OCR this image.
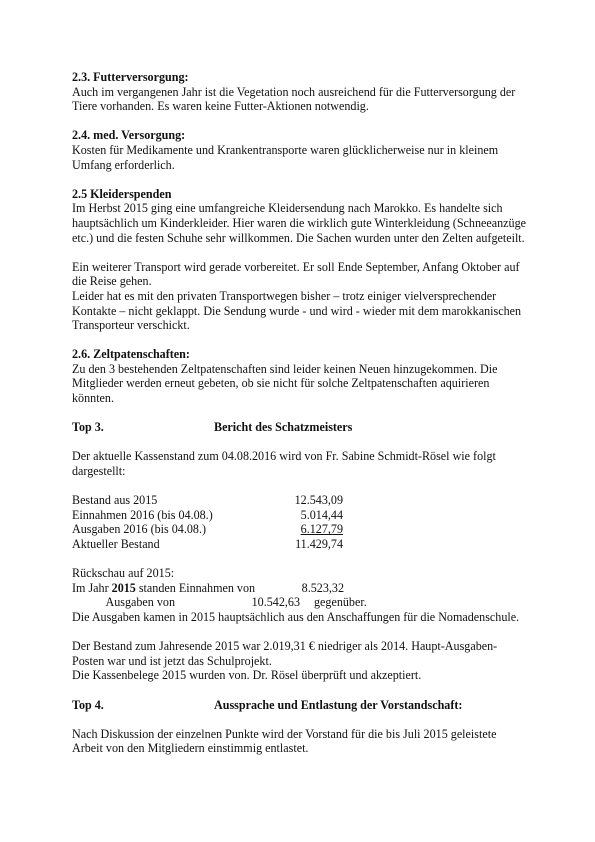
2.3. Futterversorgung:

Auch im vergangenen Jahr ist die Vegetation noch ausreichend für die Futterversorgung der

Tiere vorhanden. Es waren keine Futter-Aktionen notwendig.

2.4. med. Versorgung:

Kosten für Medikamente und Krankentransporte waren glücklicherweise nur in kleinem

Umfang erforderlich.

2.5 Kleiderspenden

Im Herbst 2015 ging eine umfangreiche Kleidersendung nach Marokko. Es handelte sich

hauptsächlich um Kinderkleider. Hier waren die wirklich gute Winterkleidung (Schneeanzüge

etc.) und die festen Schuhe sehr willkommen. Die Sachen wurden unter den Zelten aufgeteilt.

Ein weiterer Transport wird gerade vorbereitet. Er soll Ende September, Anfang Oktober auf

die Reise gehen.

Leider hat es mit den privaten Transportwegen bisher – trotz einiger vielversprechender

Kontakte – nicht geklappt. Die Sendung wurde - und wird - wieder mit dem marokkanischen

Transporteur verschickt.

2.6. Zeltpatenschaften:

Zu den 3 bestehenden Zeltpatenschaften sind leider keinen Neuen hinzugekommen. Die

Mitglieder werden erneut gebeten, ob sie nicht für solche Zeltpatenschaften aquirieren

könnten.

Top 3.	Bericht des Schatzmeisters

Der aktuelle Kassenstand zum 04.08.2016 wird von Fr. Sabine Schmidt-Rösel wie folgt

dargestellt:

Bestand aus 2015	12.543,09
Einnahmen 2016 (bis 04.08.)	5.014,44
Ausgaben 2016 (bis 04.08.)	6.127,79
Aktueller Bestand	11.429,74

Rückschau auf 2015:

Im Jahr 2015 standen Einnahmen von	8.523,32
Ausgaben von	10.542,63	gegenüber.

Die Ausgaben kamen in 2015 hauptsächlich aus den Anschaffungen für die Nomadenschule.

Der Bestand zum Jahresende 2015 war 2.019,31 € niedriger als 2014. Haupt-Ausgaben-

Posten war und ist jetzt das Schulprojekt.

Die Kassenbelege 2015 wurden von. Dr. Rösel überprüft und akzeptiert.

Top 4.	Aussprache und Entlastung der Vorstandschaft:

Nach Diskussion der einzelnen Punkte wird der Vorstand für die bis Juli 2015 geleistete

Arbeit von den Mitgliedern einstimmig entlastet.
